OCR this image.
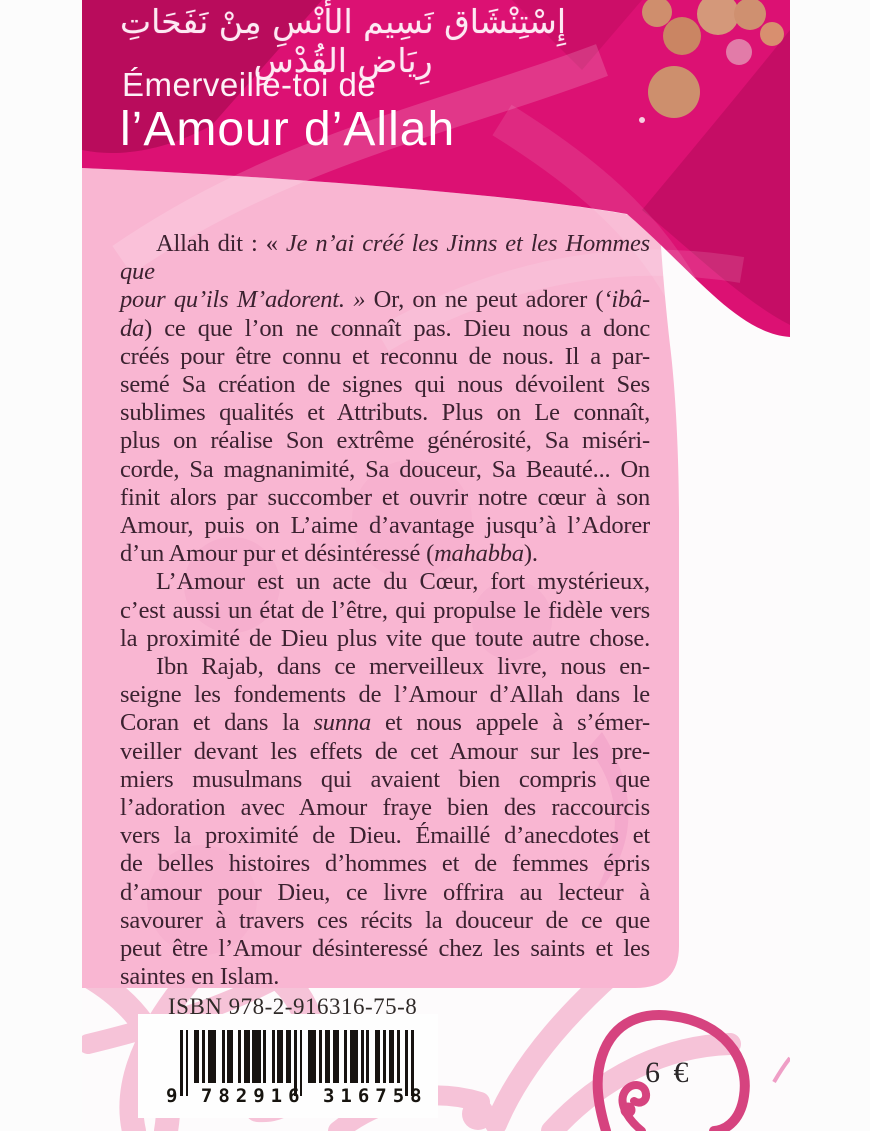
إِسْتِنْشَاق نَسِيم الأُنْسِ مِنْ نَفَحَاتِ رِيَاضِ القُدْسِ
Émerveille-toi de
l’Amour d’Allah
Allah dit : « Je n’ai créé les Jinns et les Hommes que
pour qu’ils M’adorent. » Or, on ne peut adorer (‘ibâ-
da) ce que l’on ne connaît pas. Dieu nous a donc
créés pour être connu et reconnu de nous. Il a par-
semé Sa création de signes qui nous dévoilent Ses
sublimes qualités et Attributs. Plus on Le connaît,
plus on réalise Son extrême générosité, Sa miséri-
corde, Sa magnanimité, Sa douceur, Sa Beauté... On
finit alors par succomber et ouvrir notre cœur à son
Amour, puis on L’aime d’avantage jusqu’à l’Adorer
d’un Amour pur et désintéressé (mahabba).
L’Amour est un acte du Cœur, fort mystérieux,
c’est aussi un état de l’être, qui propulse le fidèle vers
la proximité de Dieu plus vite que toute autre chose.
Ibn Rajab, dans ce merveilleux livre, nous en-
seigne les fondements de l’Amour d’Allah dans le
Coran et dans la sunna et nous appele à s’émer-
veiller devant les effets de cet Amour sur les pre-
miers musulmans qui avaient bien compris que
l’adoration avec Amour fraye bien des raccourcis
vers la proximité de Dieu. Émaillé d’anecdotes et
de belles histoires d’hommes et de femmes épris
d’amour pour Dieu, ce livre offrira au lecteur à
savourer à travers ces récits la douceur de ce que
peut être l’Amour désinteressé chez les saints et les
saintes en Islam.
ISBN 978-2-916316-75-8
9 782916 316758
6 €
